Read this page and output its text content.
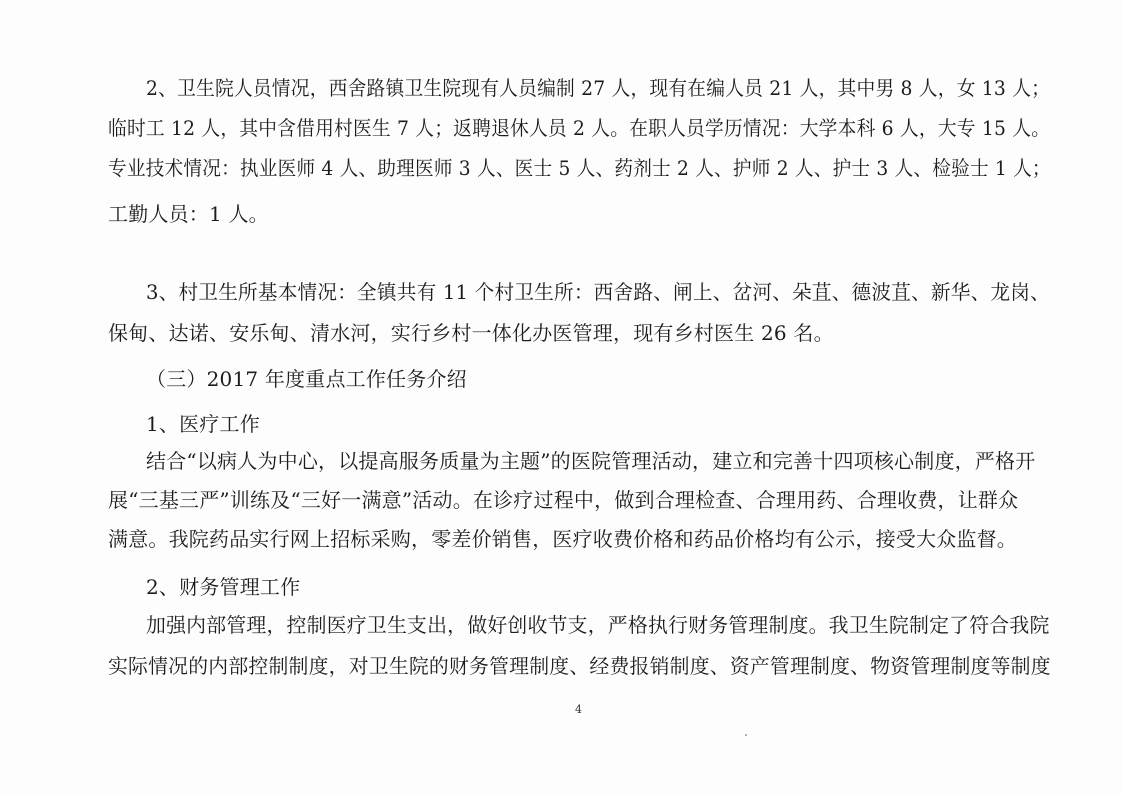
2、卫生院人员情况，西舍路镇卫生院现有人员编制 27 人，现有在编人员 21 人，其中男 8 人，女 13 人；
临时工 12 人，其中含借用村医生 7 人；返聘退休人员 2 人。在职人员学历情况：大学本科 6 人，大专 15 人。
专业技术情况：执业医师 4 人、助理医师 3 人、医士 5 人、药剂士 2 人、护师 2 人、护士 3 人、检验士 1 人；
工勤人员：1 人。
3、村卫生所基本情况：全镇共有 11 个村卫生所：西舍路、闸上、岔河、朵苴、德波苴、新华、龙岗、
保甸、达诺、安乐甸、清水河，实行乡村一体化办医管理，现有乡村医生 26 名。
（三）2017 年度重点工作任务介绍
1、医疗工作
结合“以病人为中心，以提高服务质量为主题”的医院管理活动，建立和完善十四项核心制度，严格开
展“三基三严”训练及“三好一满意”活动。在诊疗过程中，做到合理检查、合理用药、合理收费，让群众
满意。我院药品实行网上招标采购，零差价销售，医疗收费价格和药品价格均有公示，接受大众监督。
2、财务管理工作
加强内部管理，控制医疗卫生支出，做好创收节支，严格执行财务管理制度。我卫生院制定了符合我院
实际情况的内部控制制度，对卫生院的财务管理制度、经费报销制度、资产管理制度、物资管理制度等制度
4
